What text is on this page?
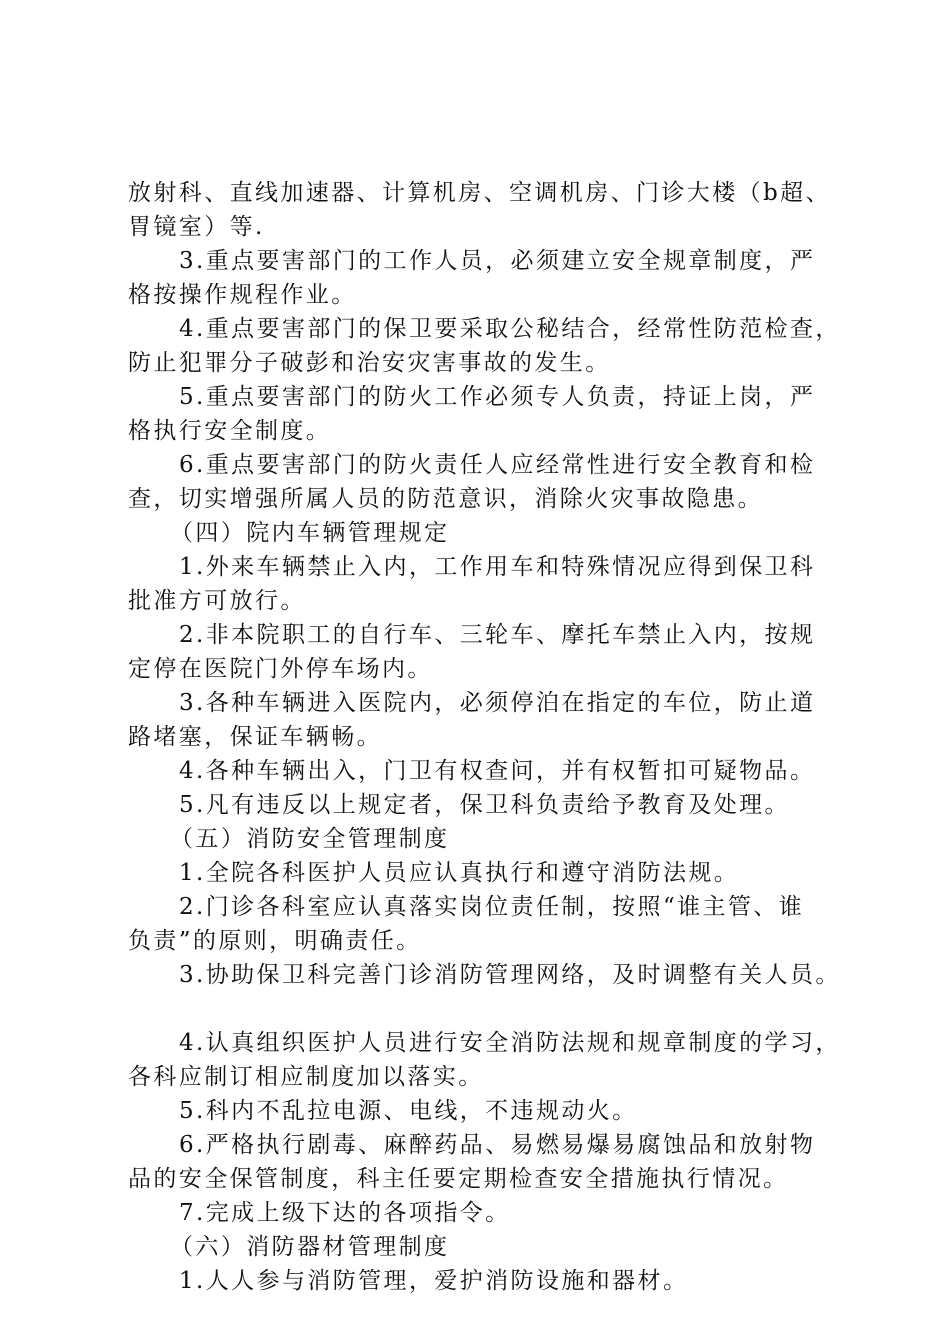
放射科、直线加速器、计算机房、空调机房、门诊大楼（b超、
胃镜室）等.
3.重点要害部门的工作人员，必须建立安全规章制度，严
格按操作规程作业。
4.重点要害部门的保卫要采取公秘结合，经常性防范检查，
防止犯罪分子破彭和治安灾害事故的发生。
5.重点要害部门的防火工作必须专人负责，持证上岗，严
格执行安全制度。
6.重点要害部门的防火责任人应经常性进行安全教育和检
查，切实增强所属人员的防范意识，消除火灾事故隐患。
（四）院内车辆管理规定
1.外来车辆禁止入内，工作用车和特殊情况应得到保卫科
批准方可放行。
2.非本院职工的自行车、三轮车、摩托车禁止入内，按规
定停在医院门外停车场内。
3.各种车辆进入医院内，必须停泊在指定的车位，防止道
路堵塞，保证车辆畅。
4.各种车辆出入，门卫有权查问，并有权暂扣可疑物品。
5.凡有违反以上规定者，保卫科负责给予教育及处理。
（五）消防安全管理制度
1.全院各科医护人员应认真执行和遵守消防法规。
2.门诊各科室应认真落实岗位责任制，按照“谁主管、谁
负责”的原则，明确责任。
3.协助保卫科完善门诊消防管理网络，及时调整有关人员。
4.认真组织医护人员进行安全消防法规和规章制度的学习，
各科应制订相应制度加以落实。
5.科内不乱拉电源、电线，不违规动火。
6.严格执行剧毒、麻醉药品、易燃易爆易腐蚀品和放射物
品的安全保管制度，科主任要定期检查安全措施执行情况。
7.完成上级下达的各项指令。
（六）消防器材管理制度
1.人人参与消防管理，爱护消防设施和器材。
